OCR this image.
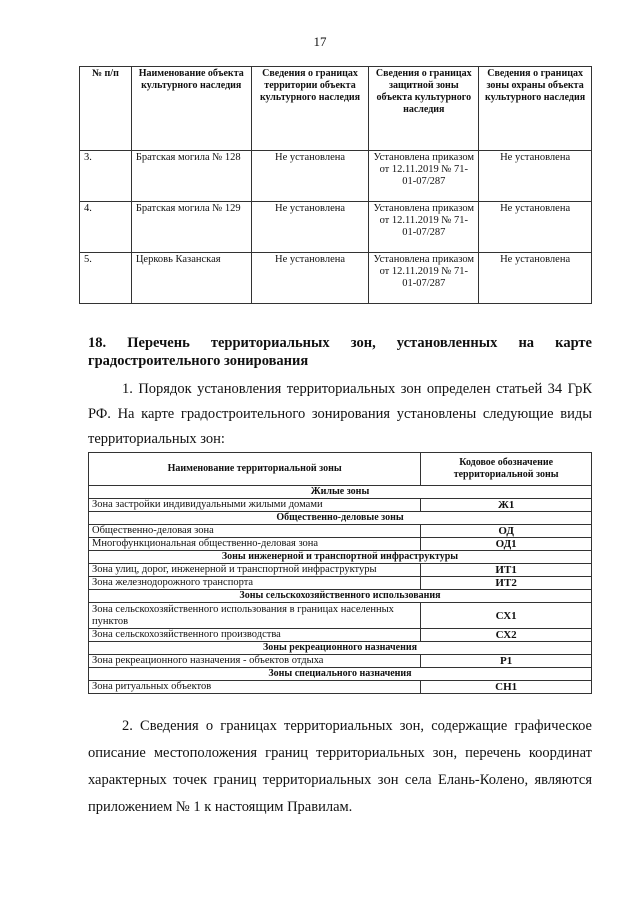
17
№ п/п	Наименование объекта культурного наследия	Сведения о границах территории объекта культурного наследия	Сведения о границах защитной зоны объекта культурного наследия	Сведения о границах зоны охраны объекта культурного наследия
3.	Братская могила № 128	Не установлена	Установлена приказом от 12.11.2019 № 71-01-07/287	Не установлена
4.	Братская могила № 129	Не установлена	Установлена приказом от 12.11.2019 № 71-01-07/287	Не установлена
5.	Церковь Казанская	Не установлена	Установлена приказом от 12.11.2019 № 71-01-07/287	Не установлена
18. Перечень территориальных зон, установленных на карте градостроительного зонирования
1. Порядок установления территориальных зон определен статьей 34 ГрК РФ. На карте градостроительного зонирования установлены следующие виды территориальных зон:
Наименование территориальной зоны	Кодовое обозначение территориальной зоны
Жилые зоны	
Зона застройки индивидуальными жилыми домами	Ж1
Общественно-деловые зоны	
Общественно-деловая зона	ОД
Многофункциональная общественно-деловая зона	ОД1
Зоны инженерной и транспортной инфраструктуры	
Зона улиц, дорог, инженерной и транспортной инфраструктуры	ИТ1
Зона железнодорожного транспорта	ИТ2
Зоны сельскохозяйственного использования	
Зона сельскохозяйственного использования в границах населенных пунктов	СХ1
Зона сельскохозяйственного производства	СХ2
Зоны рекреационного назначения	
Зона рекреационного назначения - объектов отдыха	Р1
Зоны специального назначения	
Зона ритуальных объектов	СН1
2. Сведения о границах территориальных зон, содержащие графическое описание местоположения границ территориальных зон, перечень координат характерных точек границ территориальных зон села Елань-Колено, являются приложением № 1 к настоящим Правилам.
